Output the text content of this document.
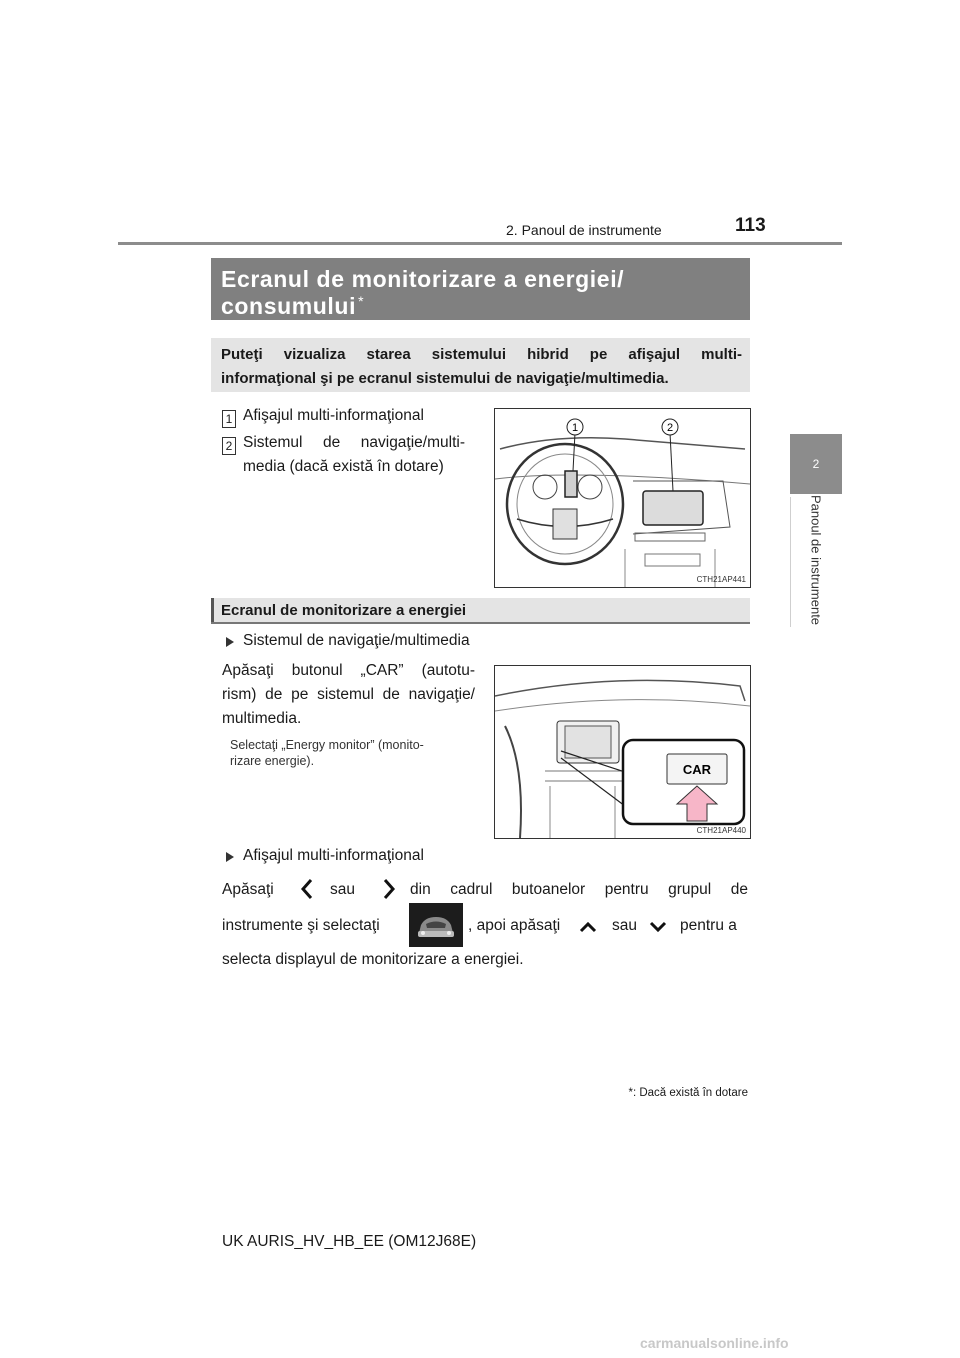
2. Panoul de instrumente	113
2
Panoul de instrumente
Ecranul de monitorizare a energiei/
consumului *

Puteţi vizualiza starea sistemului hibrid pe afişajul multi-

informaţional şi pe ecranul sistemului de navigaţie/multimedia.

1 Afişajul multi-informaţional
2 Sistemul de navigaţie/multi-
media (dacă există în dotare)
1	2
CTH21AP441
Ecranul de monitorizare a energiei
Sistemul de navigaţie/multimedia
Apăsaţi butonul „CAR” (autotu-
rism) de pe sistemul de navigaţie/
multimedia.
Selectaţi „Energy monitor” (monito-
rizare energie).
CAR
CTH21AP440
Afişajul multi-informaţional
Apăsaţi	sau	din cadrul butoanelor pentru grupul de
instrumente şi selectaţi	, apoi apăsaţi	sau	pentru a
selecta displayul de monitorizare a energiei.
*: Dacă există în dotare
UK AURIS_HV_HB_EE (OM12J68E)
carmanualsonline.info
